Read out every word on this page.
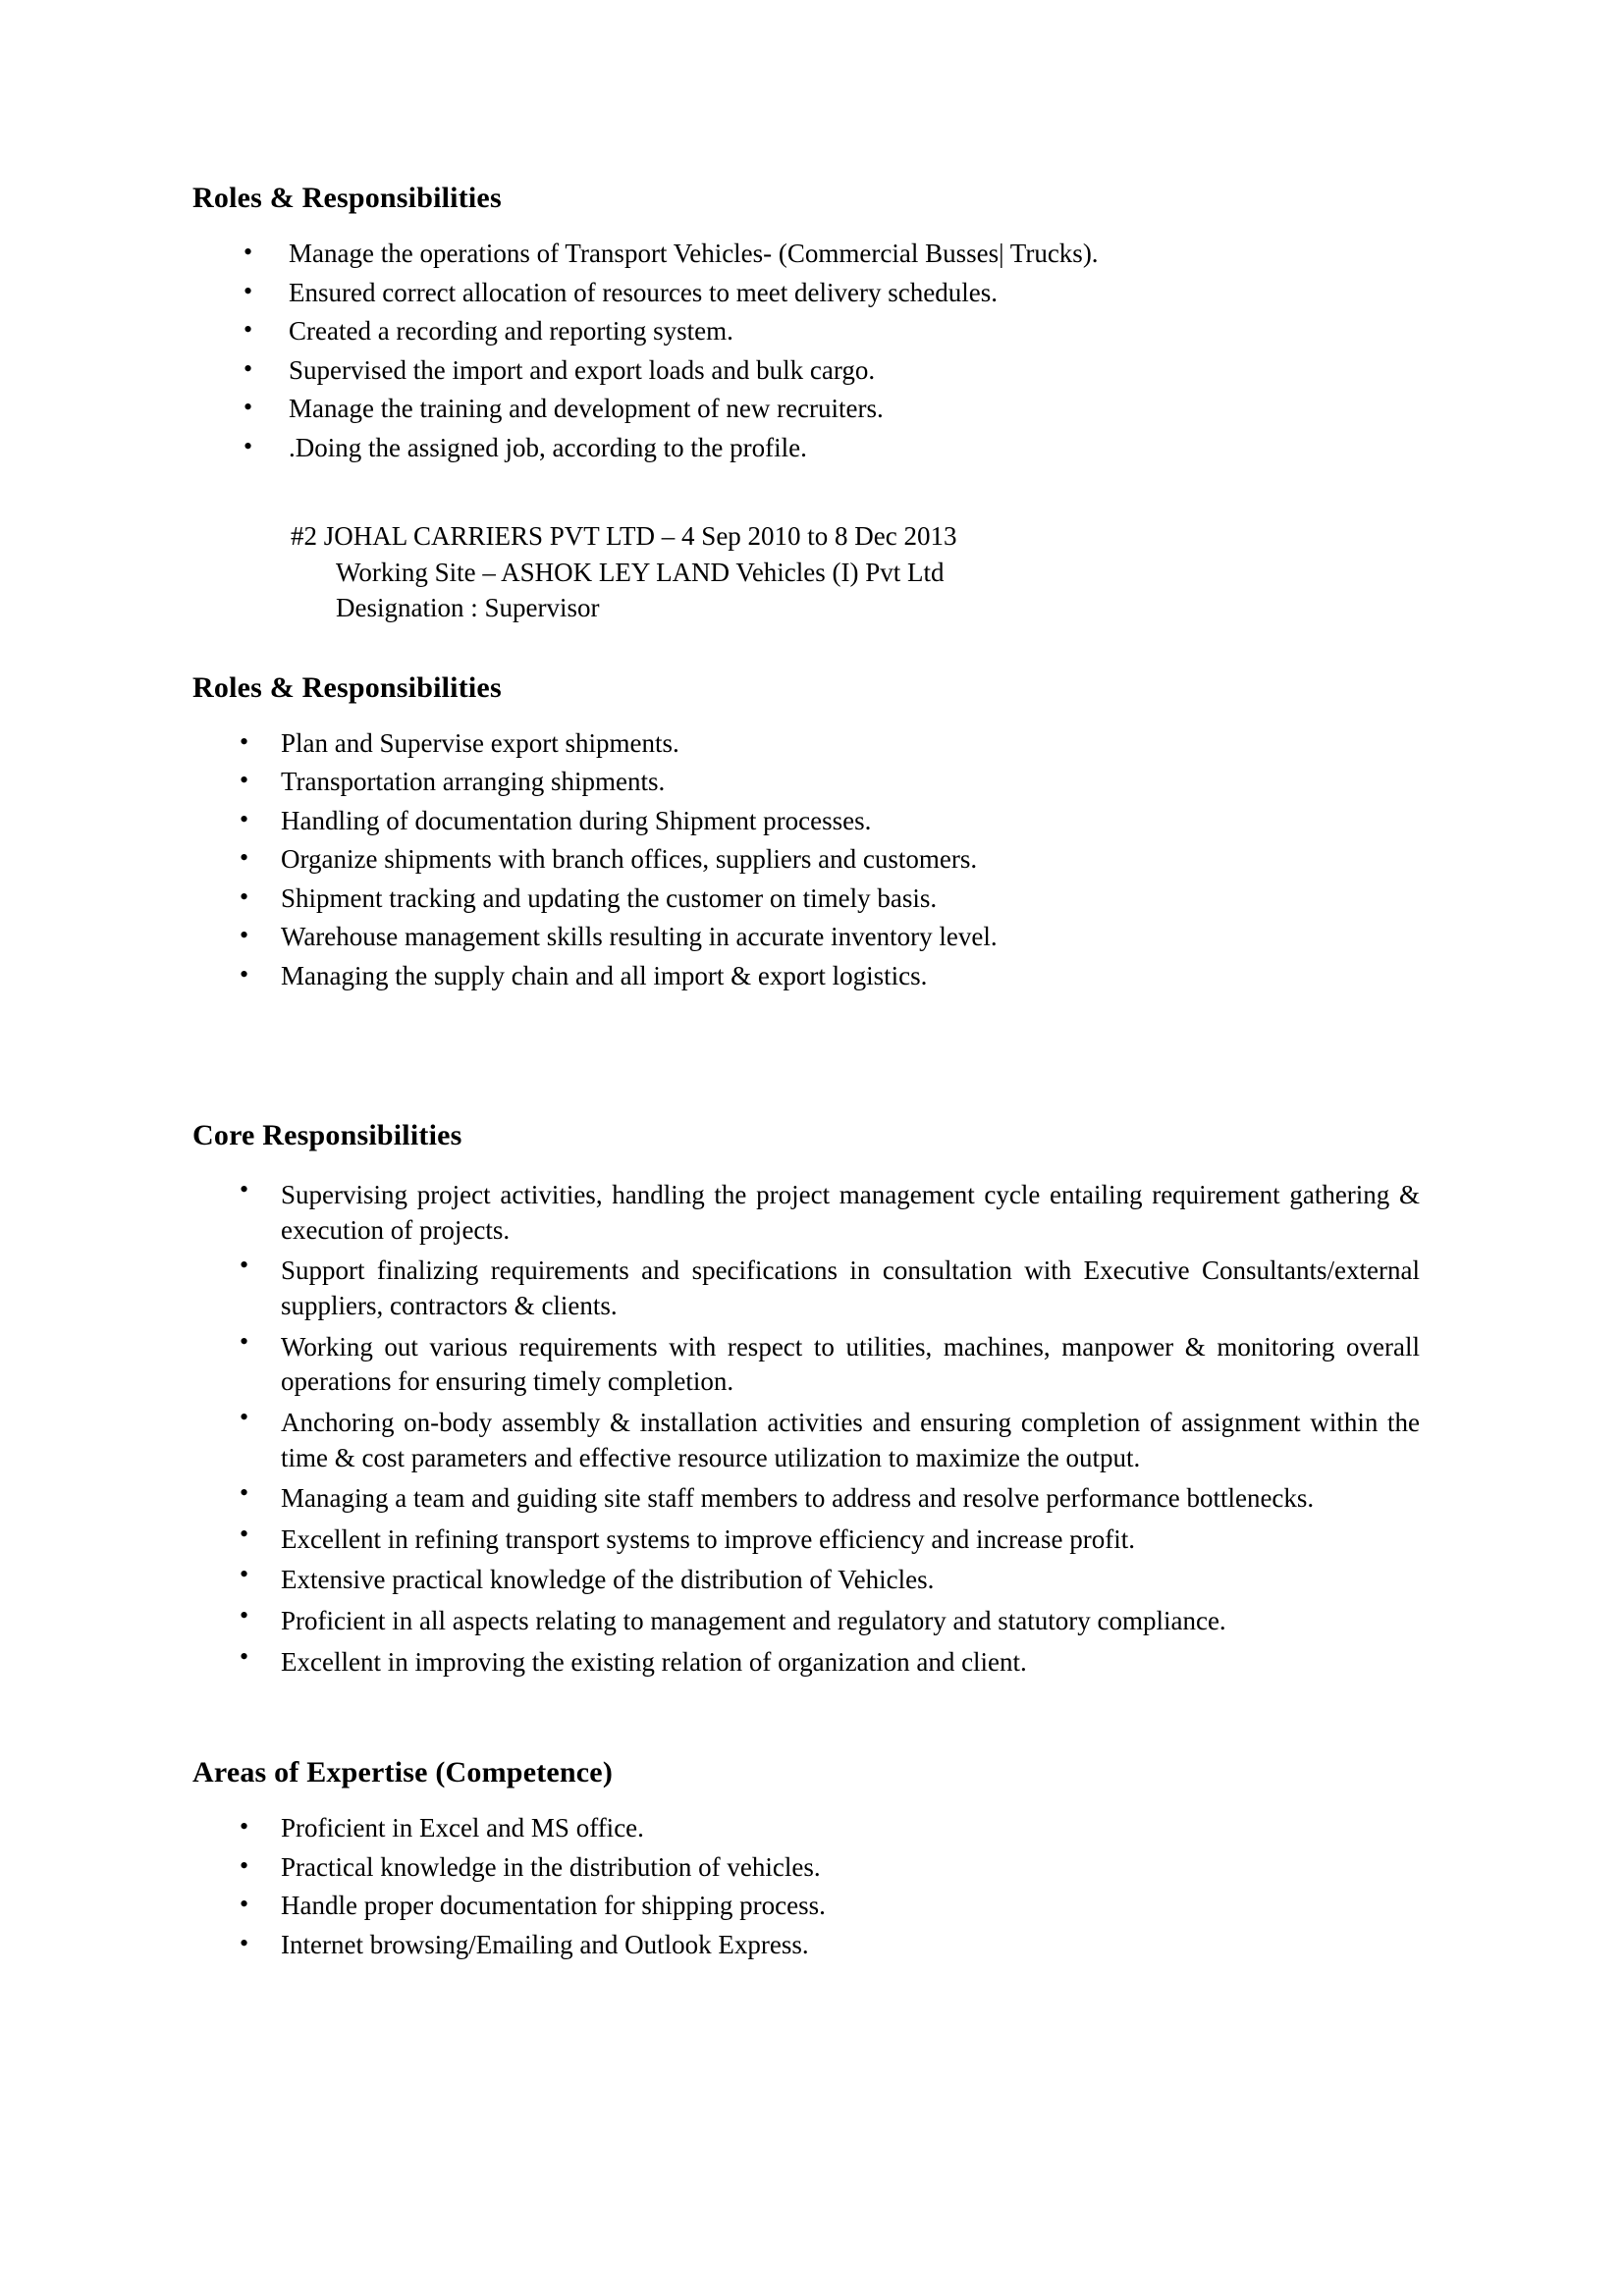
Roles & Responsibilities
• Manage the operations of Transport Vehicles- (Commercial Busses| Trucks).
• Ensured correct allocation of resources to meet delivery schedules.
• Created a recording and reporting system.
• Supervised the import and export loads and bulk cargo.
• Manage the training and development of new recruiters.
• .Doing the assigned job, according to the profile.
#2 JOHAL CARRIERS PVT LTD – 4 Sep 2010 to 8 Dec 2013
Working Site – ASHOK LEY LAND Vehicles (I) Pvt Ltd
Designation : Supervisor
Roles & Responsibilities
• Plan and Supervise export shipments.
• Transportation arranging shipments.
• Handling of documentation during Shipment processes.
• Organize shipments with branch offices, suppliers and customers.
• Shipment tracking and updating the customer on timely basis.
• Warehouse management skills resulting in accurate inventory level.
• Managing the supply chain and all import & export logistics.
Core Responsibilities
• Supervising project activities, handling the project management cycle entailing requirement gathering & execution of projects.
• Support finalizing requirements and specifications in consultation with Executive Consultants/external suppliers, contractors & clients.
• Working out various requirements with respect to utilities, machines, manpower & monitoring overall operations for ensuring timely completion.
• Anchoring on-body assembly & installation activities and ensuring completion of assignment within the time & cost parameters and effective resource utilization to maximize the output.
• Managing a team and guiding site staff members to address and resolve performance bottlenecks.
• Excellent in refining transport systems to improve efficiency and increase profit.
• Extensive practical knowledge of the distribution of Vehicles.
• Proficient in all aspects relating to management and regulatory and statutory compliance.
• Excellent in improving the existing relation of organization and client.
Areas of Expertise (Competence)
• Proficient in Excel and MS office.
• Practical knowledge in the distribution of vehicles.
• Handle proper documentation for shipping process.
• Internet browsing/Emailing and Outlook Express.
